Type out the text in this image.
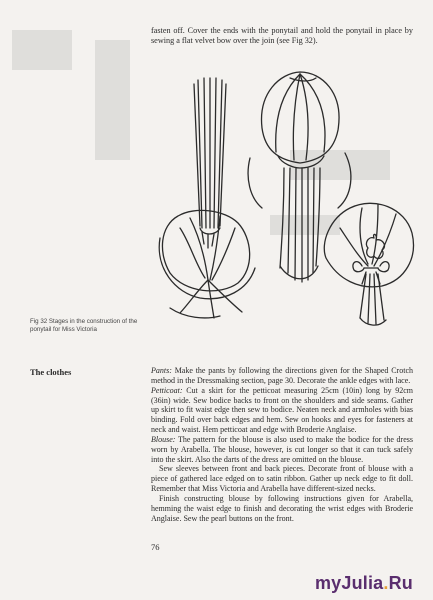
fasten off. Cover the ends with the ponytail and hold the ponytail in place by sewing a flat velvet bow over the join (see Fig 32).
Fig 32 Stages in the construction of the ponytail for Miss Victoria
The clothes	Pants: Make the pants by following the directions given for the Shaped Crotch method in the Dressmaking section, page 30. Decorate the ankle edges with lace.

Petticoat: Cut a skirt for the petticoat measuring 25cm (10in) long by 92cm (36in) wide. Sew bodice backs to front on the shoulders and side seams. Gather up skirt to fit waist edge then sew to bodice. Neaten neck and armholes with bias binding. Fold over back edges and hem. Sew on hooks and eyes for fasteners at neck and waist. Hem petticoat and edge with Broderie Anglaise.

Blouse: The pattern for the blouse is also used to make the bodice for the dress worn by Arabella. The blouse, however, is cut longer so that it can tuck safely into the skirt. Also the darts of the dress are omitted on the blouse.

Sew sleeves between front and back pieces. Decorate front of blouse with a piece of gathered lace edged on to satin ribbon. Gather up neck edge to fit doll. Remember that Miss Victoria and Arabella have different-sized necks.

Finish constructing blouse by following instructions given for Arabella, hemming the waist edge to finish and decorating the wrist edges with Broderie Anglaise. Sew the pearl buttons on the front.

76
myJulia.Ru
